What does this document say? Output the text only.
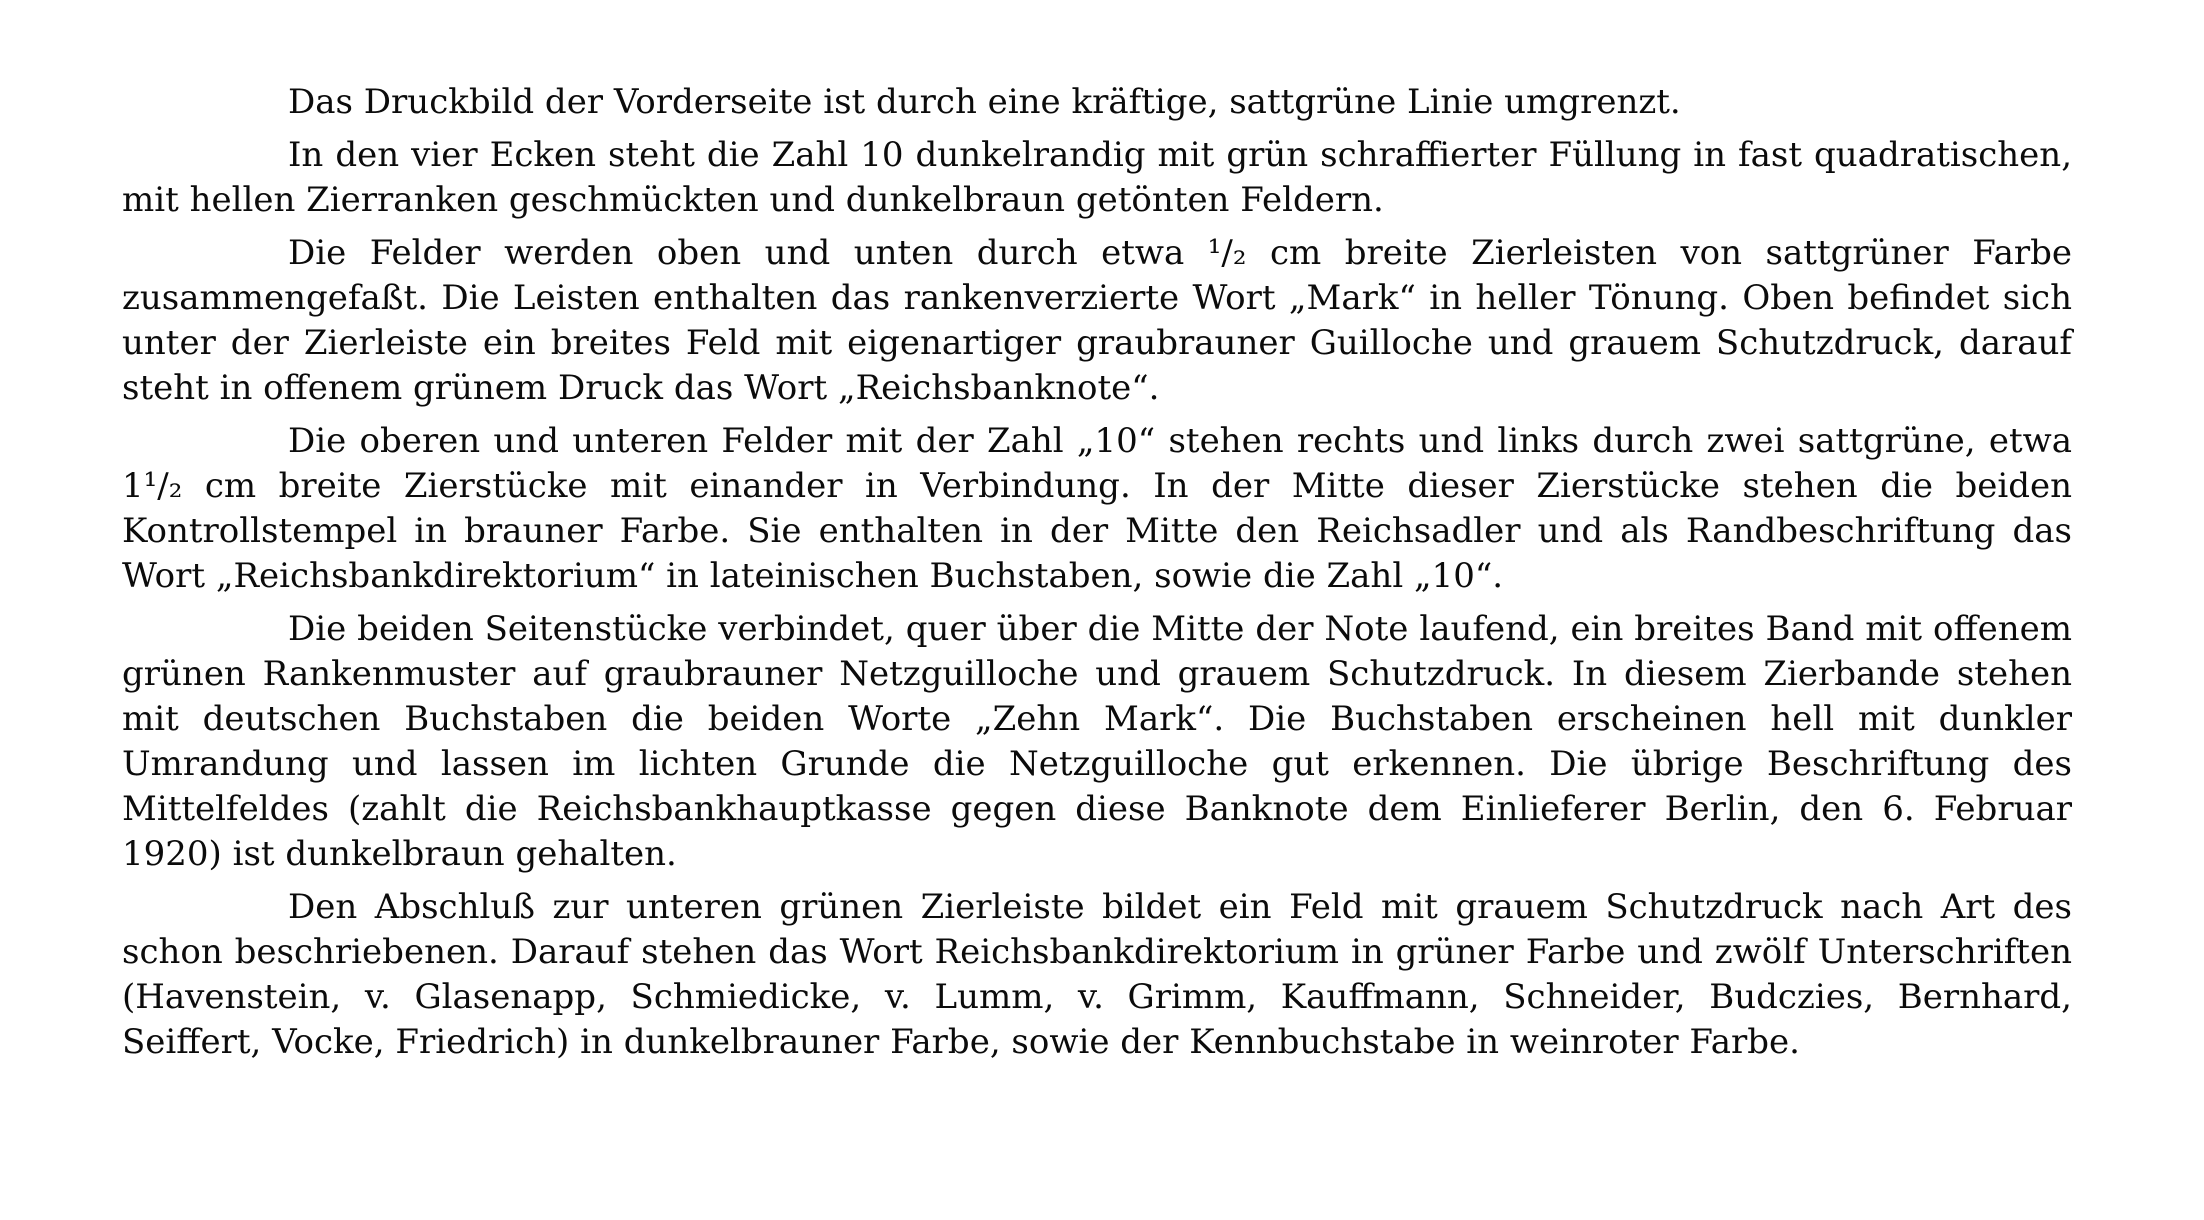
Das Druckbild der Vorderseite ist durch eine kräftige, sattgrüne Linie umgrenzt.

In den vier Ecken steht die Zahl 10 dunkelrandig mit grün schraffierter Füllung in fast quadratischen, mit hellen Zierranken geschmückten und dunkelbraun getönten Feldern.

Die Felder werden oben und unten durch etwa ¹/₂ cm breite Zierleisten von sattgrüner Farbe zusammengefaßt. Die Leisten enthalten das rankenverzierte Wort „Mark“ in heller Tönung. Oben befindet sich unter der Zierleiste ein breites Feld mit eigenartiger graubrauner Guilloche und grauem Schutzdruck, darauf steht in offenem grünem Druck das Wort „Reichsbanknote“.

Die oberen und unteren Felder mit der Zahl „10“ stehen rechts und links durch zwei sattgrüne, etwa 1¹/₂ cm breite Zierstücke mit einander in Verbindung. In der Mitte dieser Zierstücke stehen die beiden Kontrollstempel in brauner Farbe. Sie enthalten in der Mitte den Reichsadler und als Randbeschriftung das Wort „Reichsbankdirektorium“ in lateinischen Buchstaben, sowie die Zahl „10“.

Die beiden Seitenstücke verbindet, quer über die Mitte der Note laufend, ein breites Band mit offenem grünen Rankenmuster auf graubrauner Netzguilloche und grauem Schutzdruck. In diesem Zierbande stehen mit deutschen Buchstaben die beiden Worte „Zehn Mark“. Die Buchstaben erscheinen hell mit dunkler Umrandung und lassen im lichten Grunde die Netzguilloche gut erkennen. Die übrige Beschriftung des Mittelfeldes (zahlt die Reichsbankhauptkasse gegen diese Banknote dem Einlieferer Berlin, den 6. Februar 1920) ist dunkelbraun gehalten.

Den Abschluß zur unteren grünen Zierleiste bildet ein Feld mit grauem Schutzdruck nach Art des schon beschriebenen. Darauf stehen das Wort Reichsbankdirektorium in grüner Farbe und zwölf Unterschriften (Havenstein, v. Glasenapp, Schmiedicke, v. Lumm, v. Grimm, Kauffmann, Schneider, Budczies, Bernhard, Seiffert, Vocke, Friedrich) in dunkelbrauner Farbe, sowie der Kennbuchstabe in weinroter Farbe.
